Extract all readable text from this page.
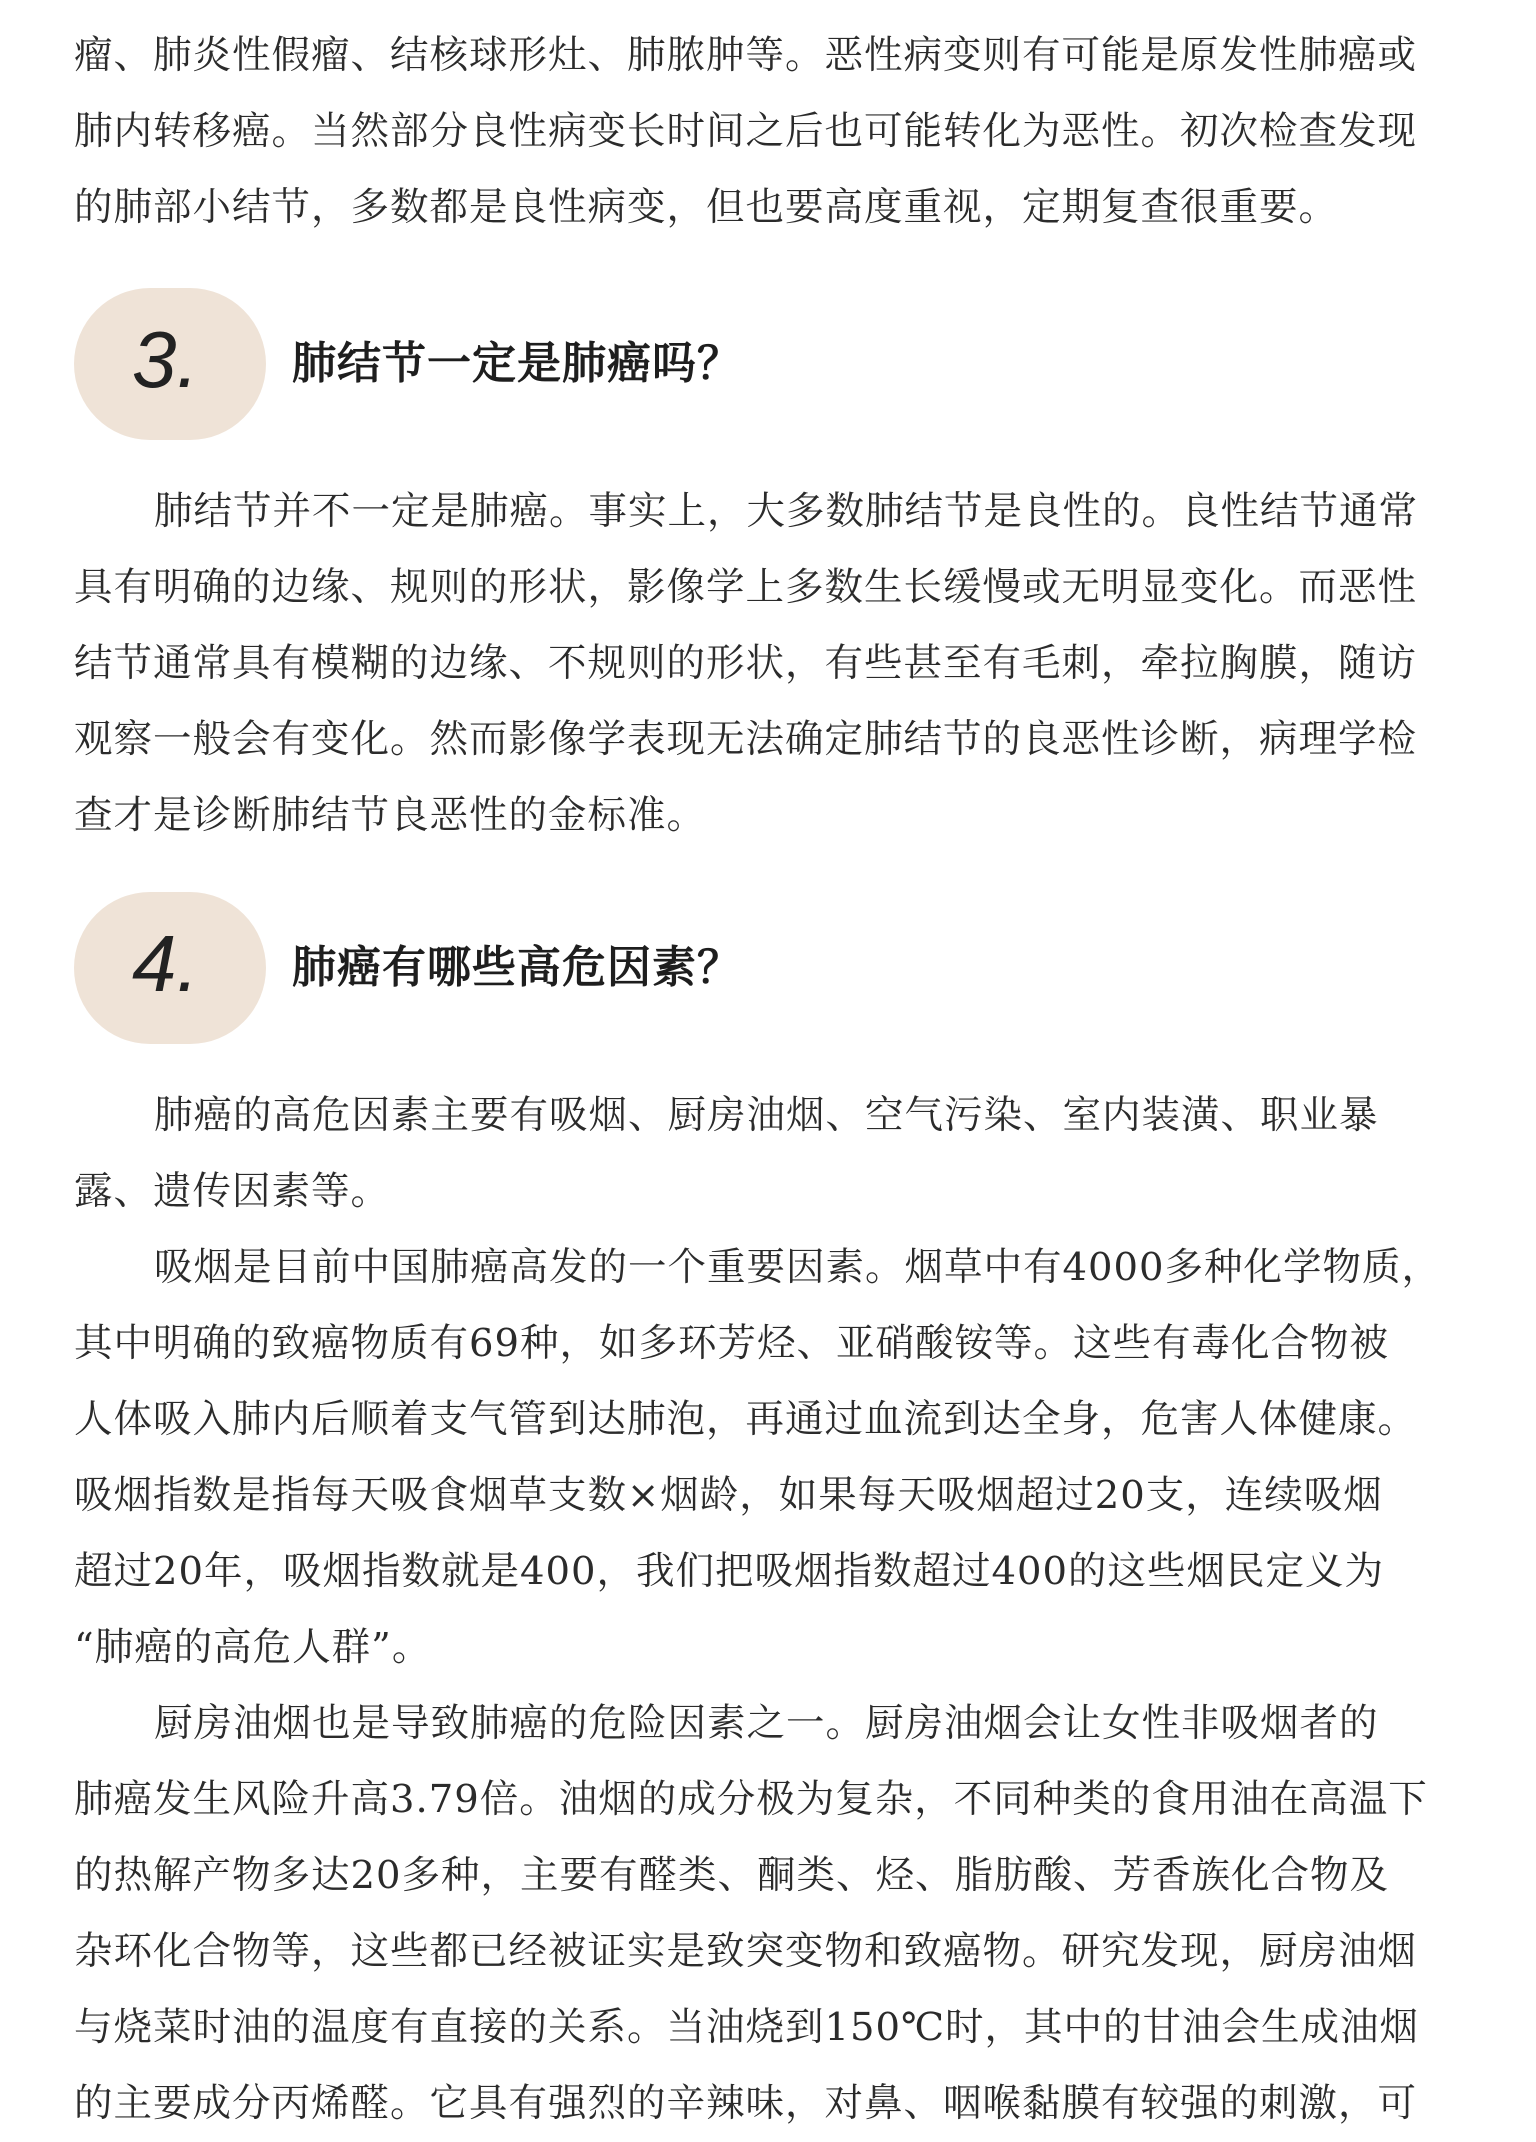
瘤、肺炎性假瘤、结核球形灶、肺脓肿等。恶性病变则有可能是原发性肺癌或
肺内转移癌。当然部分良性病变长时间之后也可能转化为恶性。初次检查发现
的肺部小结节，多数都是良性病变，但也要高度重视，定期复查很重要。

3. 肺结节一定是肺癌吗？

肺结节并不一定是肺癌。事实上，大多数肺结节是良性的。良性结节通常
具有明确的边缘、规则的形状，影像学上多数生长缓慢或无明显变化。而恶性
结节通常具有模糊的边缘、不规则的形状，有些甚至有毛刺，牵拉胸膜，随访
观察一般会有变化。然而影像学表现无法确定肺结节的良恶性诊断，病理学检
查才是诊断肺结节良恶性的金标准。

4. 肺癌有哪些高危因素？

肺癌的高危因素主要有吸烟、厨房油烟、空气污染、室内装潢、职业暴
露、遗传因素等。

吸烟是目前中国肺癌高发的一个重要因素。烟草中有4000多种化学物质，
其中明确的致癌物质有69种，如多环芳烃、亚硝酸铵等。这些有毒化合物被
人体吸入肺内后顺着支气管到达肺泡，再通过血流到达全身，危害人体健康。
吸烟指数是指每天吸食烟草支数×烟龄，如果每天吸烟超过20支，连续吸烟
超过20年，吸烟指数就是400，我们把吸烟指数超过400的这些烟民定义为
“肺癌的高危人群”。

厨房油烟也是导致肺癌的危险因素之一。厨房油烟会让女性非吸烟者的
肺癌发生风险升高3.79倍。油烟的成分极为复杂，不同种类的食用油在高温下
的热解产物多达20多种，主要有醛类、酮类、烃、脂肪酸、芳香族化合物及
杂环化合物等，这些都已经被证实是致突变物和致癌物。研究发现，厨房油烟
与烧菜时油的温度有直接的关系。当油烧到150℃时，其中的甘油会生成油烟
的主要成分丙烯醛。它具有强烈的辛辣味，对鼻、咽喉黏膜有较强的刺激，可
